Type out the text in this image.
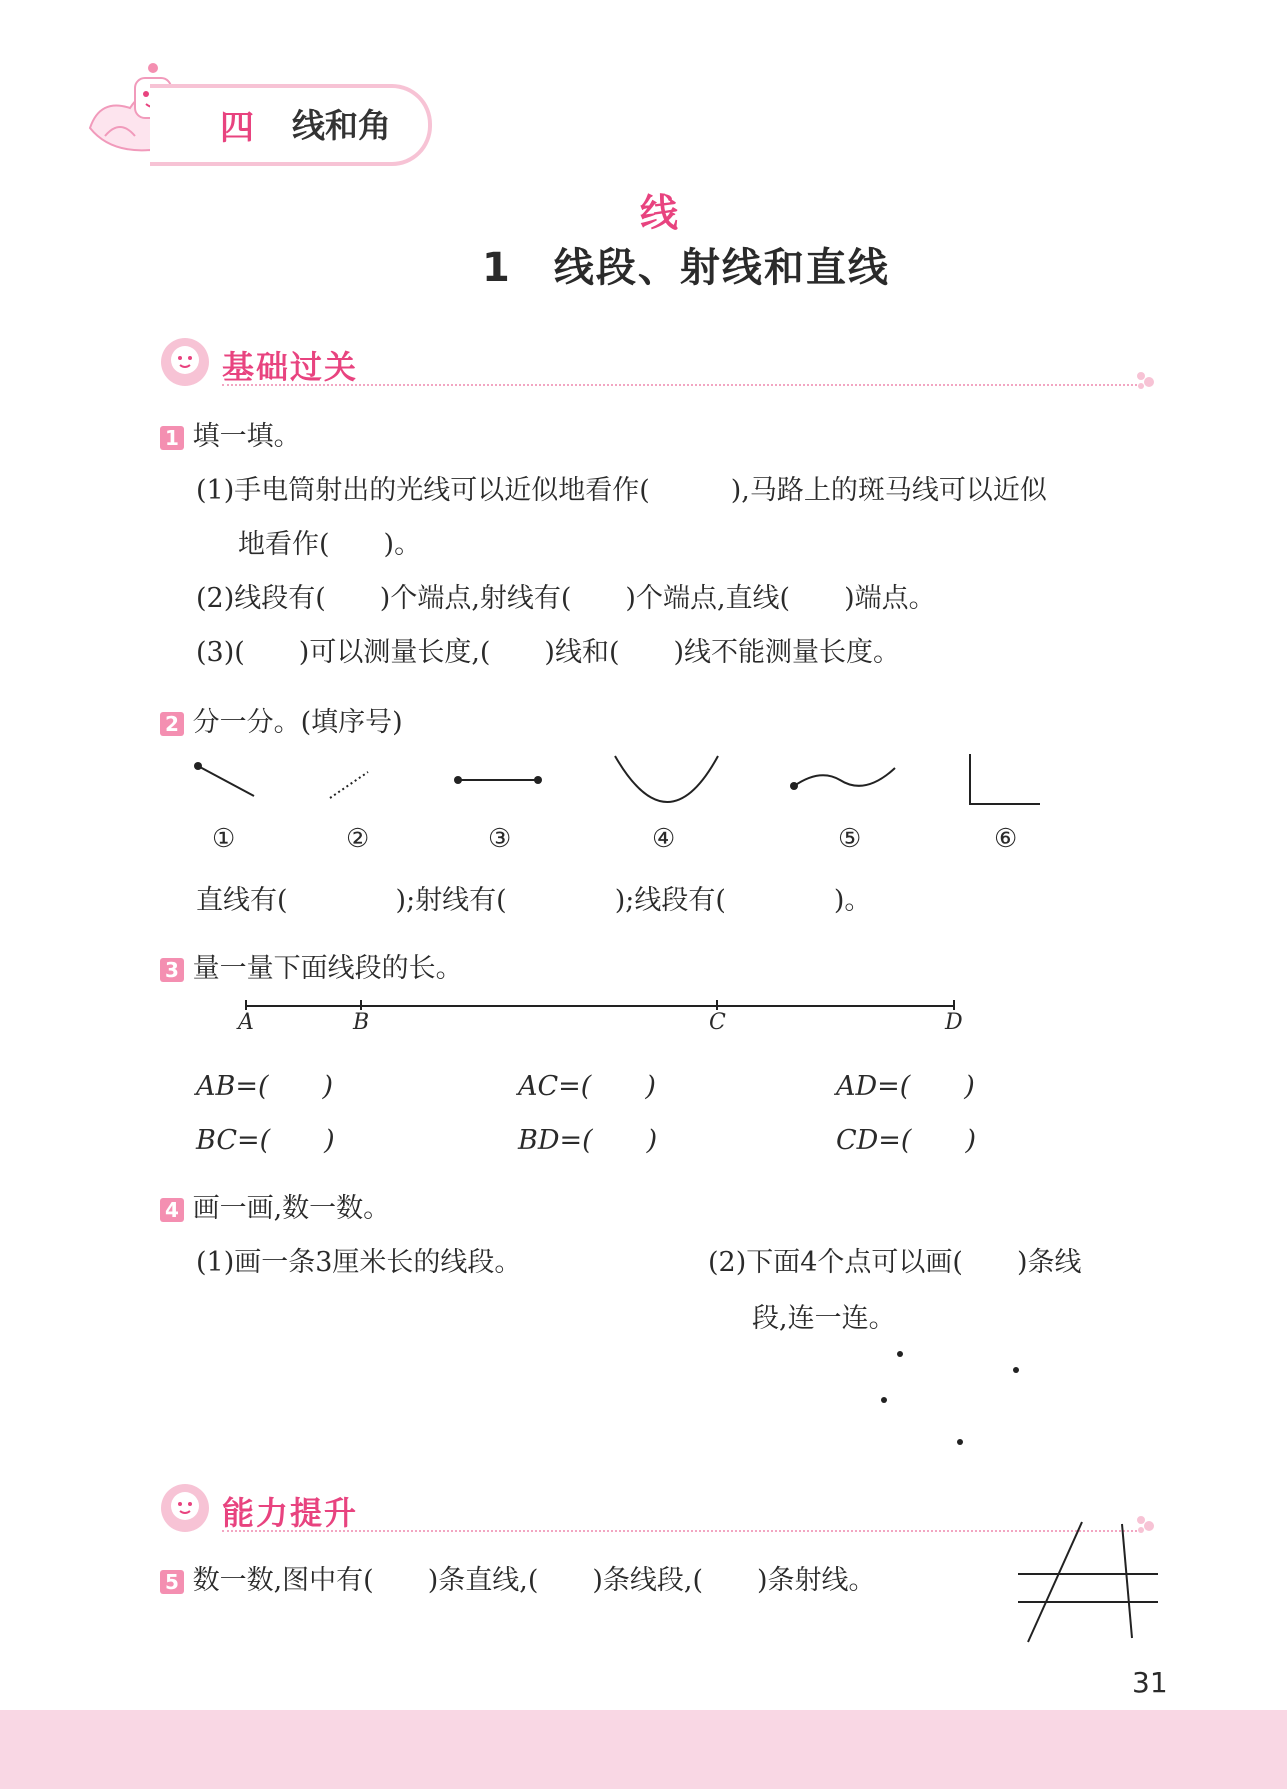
四 线和角
线
1　线段、射线和直线
基础过关
1 填一填。
(1)手电筒射出的光线可以近似地看作(　　　),马路上的斑马线可以近似
地看作(　　)。
(2)线段有(　　)个端点,射线有(　　)个端点,直线(　　)端点。
(3)(　　)可以测量长度,(　　)线和(　　)线不能测量长度。
2 分一分。(填序号)
①	②	③	④	⑤	⑥
直线有(　　　　);射线有(　　　　);线段有(　　　　)。
3 量一量下面线段的长。
A	B	C	D
AB=(　　)	AC=(　　)	AD=(　　)
BC=(　　)	BD=(　　)	CD=(　　)
4 画一画,数一数。
(1)画一条3厘米长的线段。	(2)下面4个点可以画(　　)条线
段,连一连。
能力提升
5 数一数,图中有(　　)条直线,(　　)条线段,(　　)条射线。
31
